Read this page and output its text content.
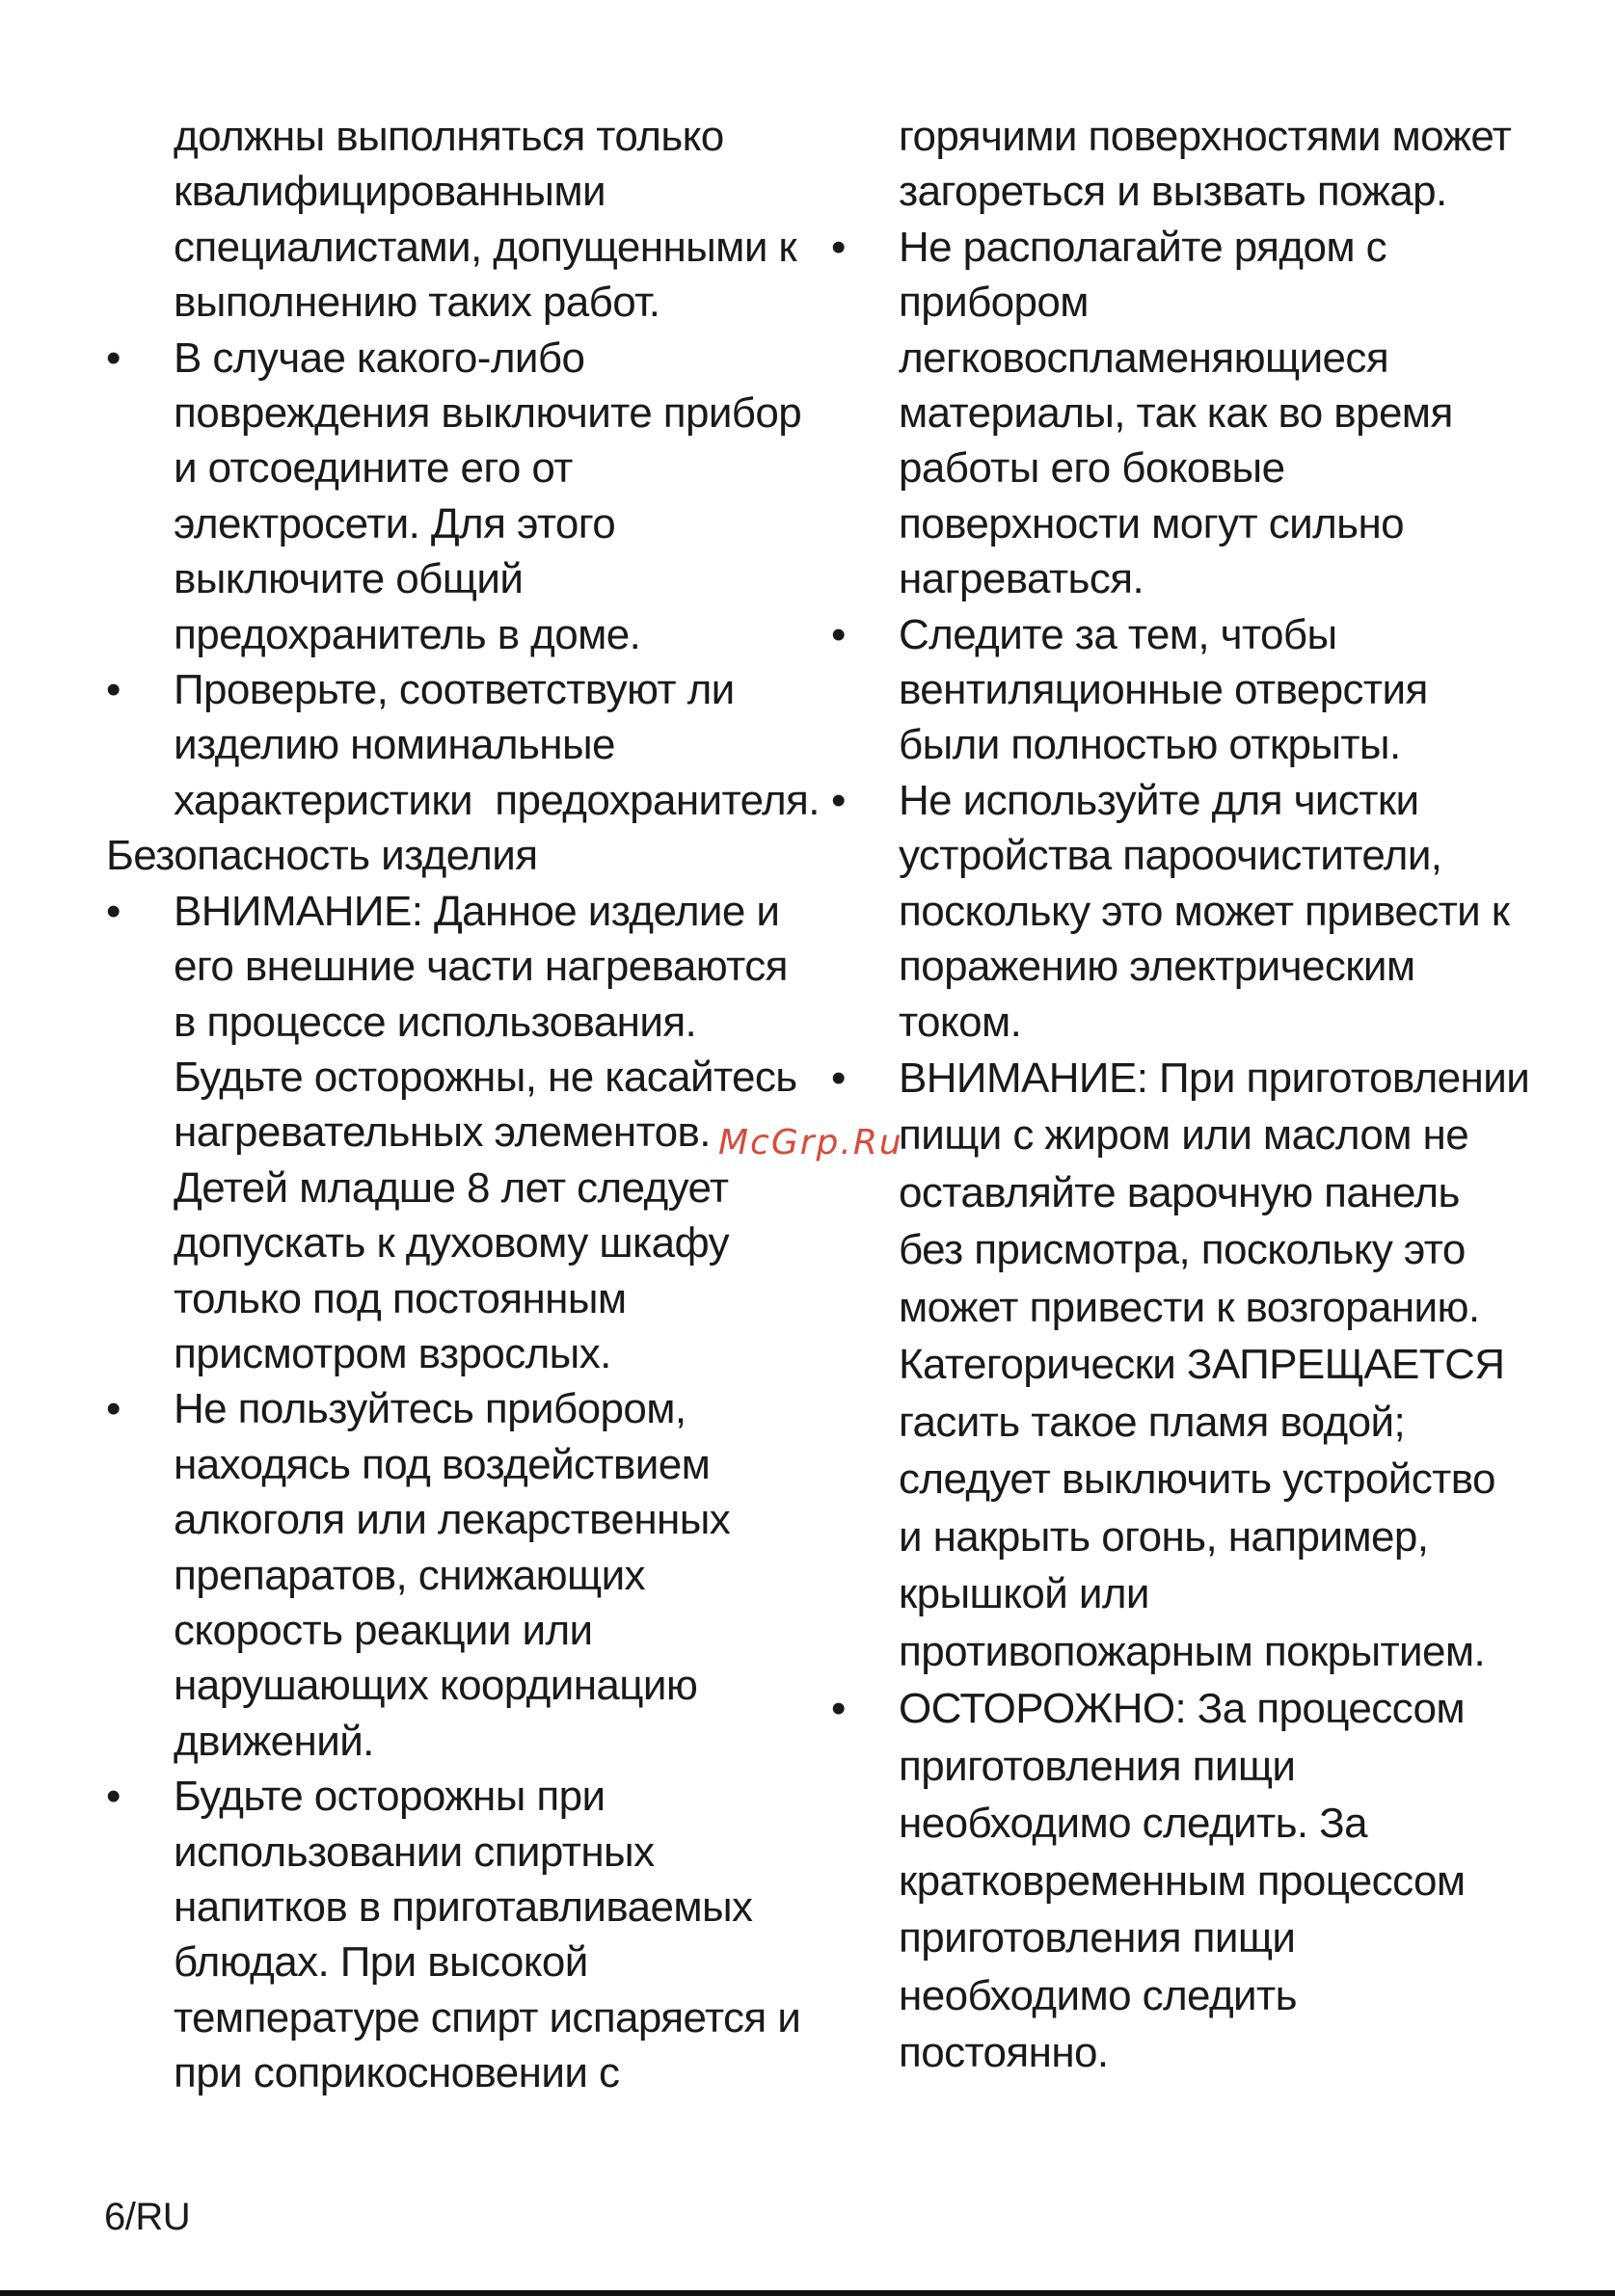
должны выполняться только
квалифицированными
специалистами, допущенными к
выполнению таких работ.
• В случае какого-либо
повреждения выключите прибор
и отсоедините его от
электросети. Для этого
выключите общий
предохранитель в доме.
• Проверьте, соответствуют ли
изделию номинальные
характеристики  предохранителя.
Безопасность изделия
• ВНИМАНИЕ: Данное изделие и
его внешние части нагреваются
в процессе использования.
Будьте осторожны, не касайтесь
нагревательных элементов.
Детей младше 8 лет следует
допускать к духовому шкафу
только под постоянным
присмотром взрослых.
• Не пользуйтесь прибором,
находясь под воздействием
алкоголя или лекарственных
препаратов, снижающих
скорость реакции или
нарушающих координацию
движений.
• Будьте осторожны при
использовании спиртных
напитков в приготавливаемых
блюдах. При высокой
температуре спирт испаряется и
при соприкосновении с
горячими поверхностями может
загореться и вызвать пожар.
• Не располагайте рядом с
прибором
легковоспламеняющиеся
материалы, так как во время
работы его боковые
поверхности могут сильно
нагреваться.
• Следите за тем, чтобы
вентиляционные отверстия
были полностью открыты.
• Не используйте для чистки
устройства пароочистители,
поскольку это может привести к
поражению электрическим
током.
• ВНИМАНИЕ: При приготовлении
пищи с жиром или маслом не
оставляйте варочную панель
без присмотра, поскольку это
может привести к возгоранию.
Категорически ЗАПРЕЩАЕТСЯ
гасить такое пламя водой;
следует выключить устройство
и накрыть огонь, например,
крышкой или
противопожарным покрытием.
• ОСТОРОЖНО: За процессом
приготовления пищи
необходимо следить. За
кратковременным процессом
приготовления пищи
необходимо следить
постоянно.
McGrp.Ru
6/RU
